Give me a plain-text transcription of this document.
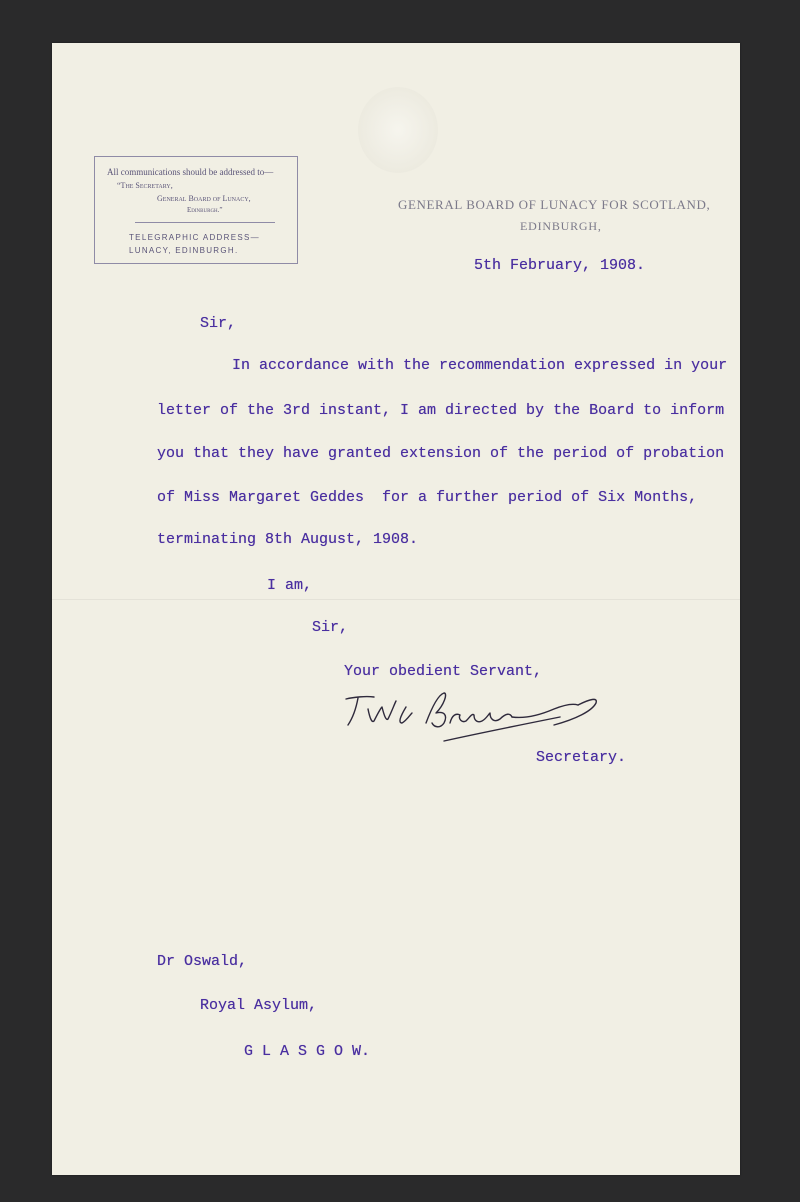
All communications should be addressed to—
“The Secretary,
General Board of Lunacy,
Edinburgh.”
TELEGRAPHIC ADDRESS—
LUNACY, EDINBURGH.
GENERAL BOARD OF LUNACY FOR SCOTLAND,
EDINBURGH,
5th February, 1908.
Sir,
In accordance with the recommendation expressed in your
letter of the 3rd instant, I am directed by the Board to inform
you that they have granted extension of the period of probation
of Miss Margaret Geddes  for a further period of Six Months,
terminating 8th August, 1908.
I am,
Sir,
Your obedient Servant,
Secretary.
Dr Oswald,
Royal Asylum,
G L A S G O W.
